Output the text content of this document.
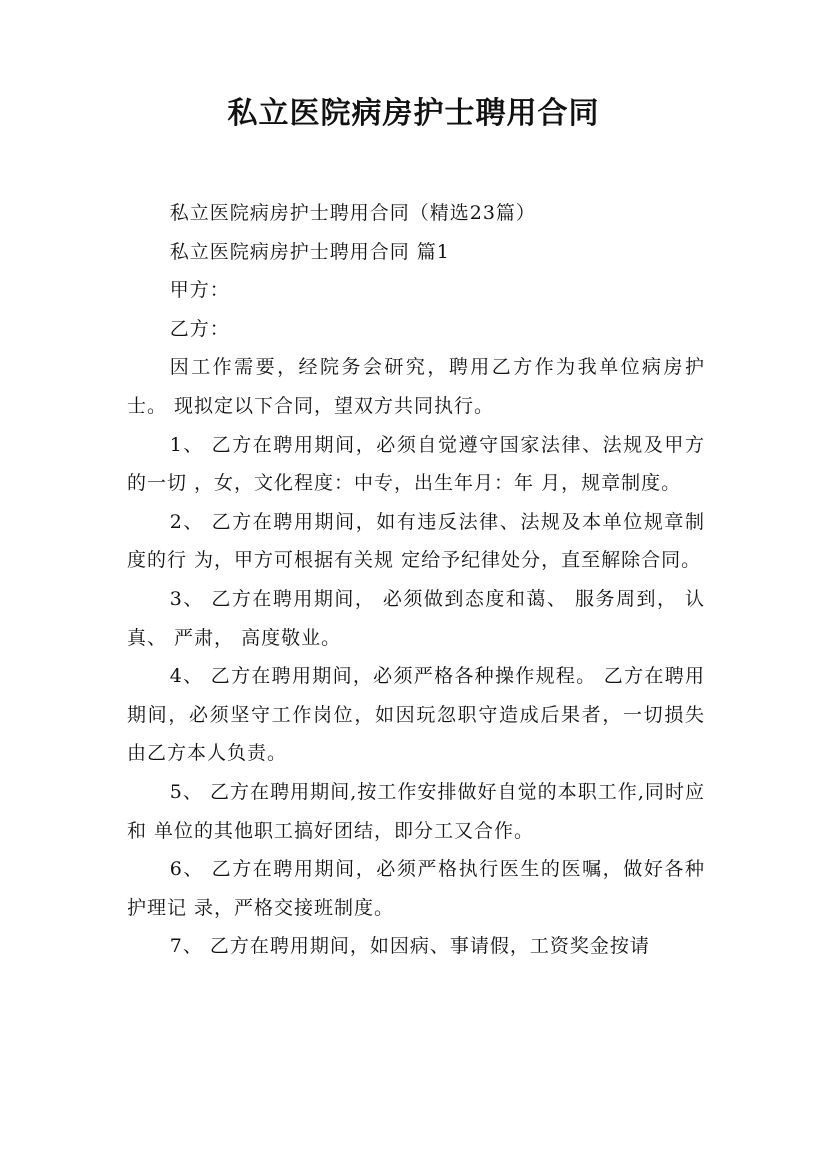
私立医院病房护士聘用合同

私立医院病房护士聘用合同（精选23篇）

私立医院病房护士聘用合同 篇1

甲方：

乙方：

因工作需要，经院务会研究，聘用乙方作为我单位病房护士。 现拟定以下合同，望双方共同执行。

1、 乙方在聘用期间，必须自觉遵守国家法律、法规及甲方的一切 ，女，文化程度：中专，出生年月：年 月，规章制度。

2、 乙方在聘用期间，如有违反法律、法规及本单位规章制度的行 为，甲方可根据有关规 定给予纪律处分，直至解除合同。

3、 乙方在聘用期间， 必须做到态度和蔼、 服务周到， 认真、 严肃， 高度敬业。

4、 乙方在聘用期间，必须严格各种操作规程。 乙方在聘用期间，必须坚守工作岗位，如因玩忽职守造成后果者，一切损失由乙方本人负责。

5、 乙方在聘用期间,按工作安排做好自觉的本职工作,同时应和 单位的其他职工搞好团结，即分工又合作。

6、 乙方在聘用期间，必须严格执行医生的医嘱，做好各种护理记 录，严格交接班制度。

7、 乙方在聘用期间，如因病、事请假，工资奖金按请
